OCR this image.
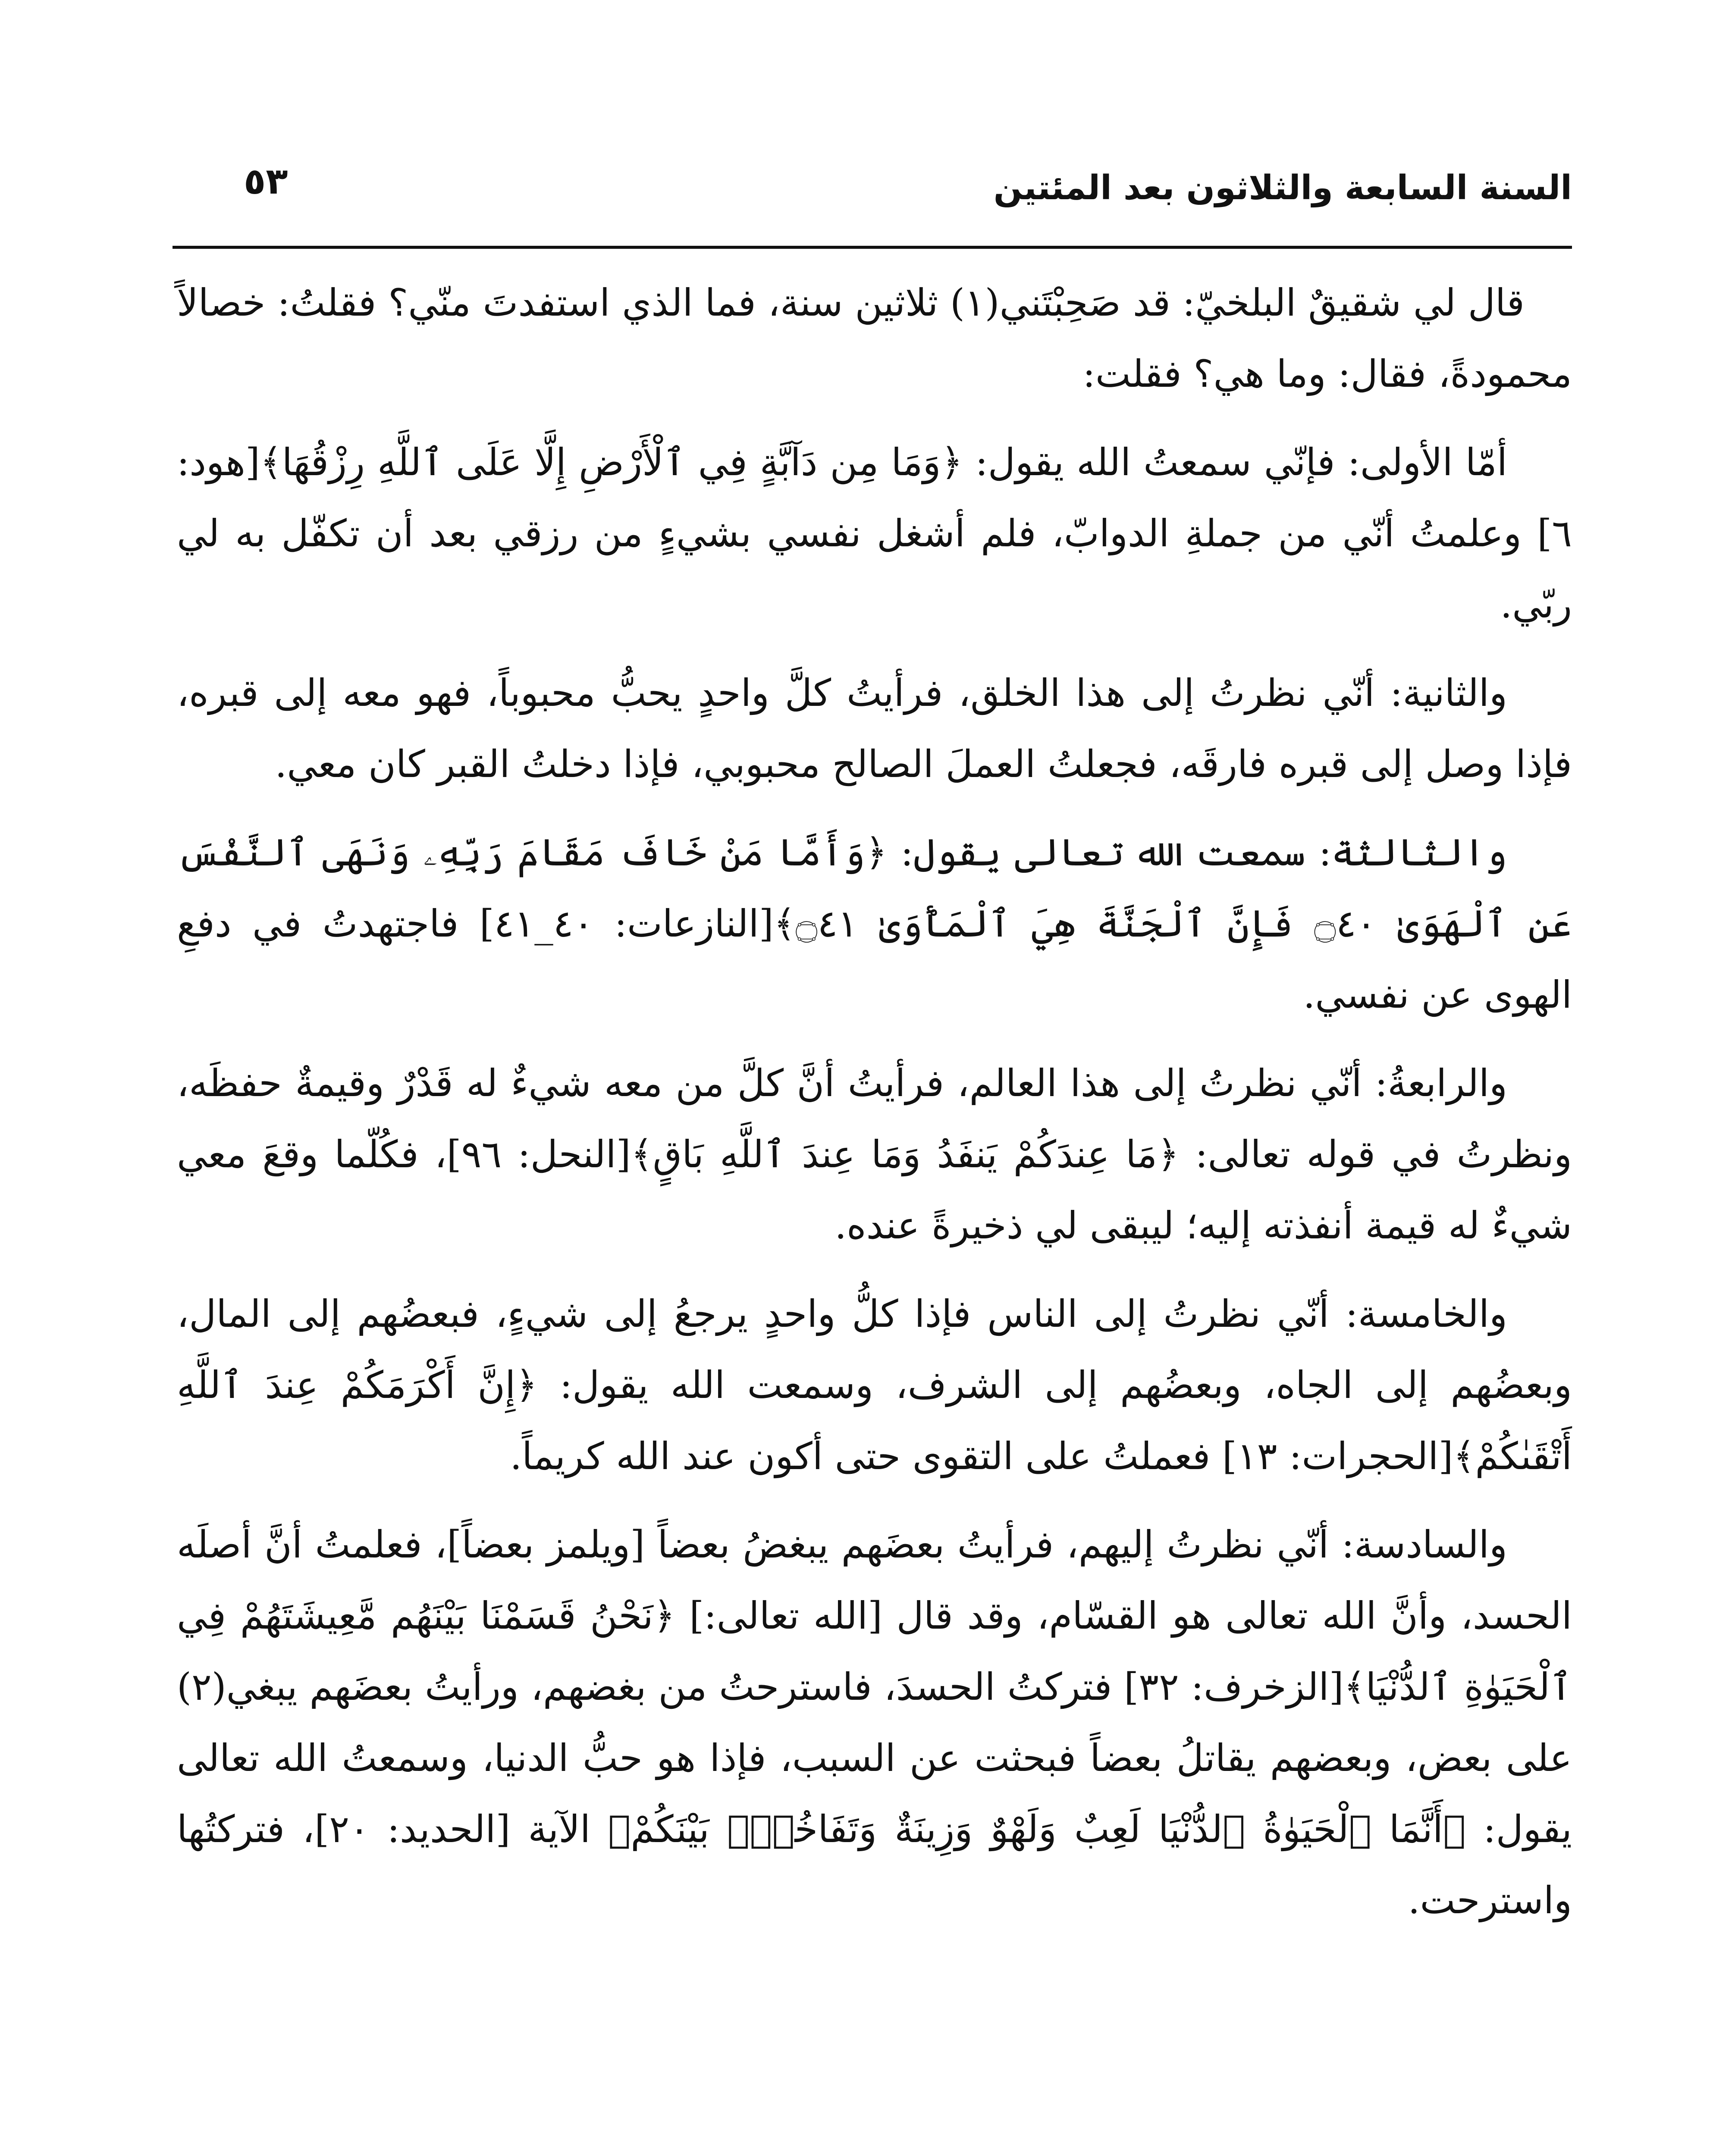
السنة السابعة والثلاثون بعد المئتين
٥٣

قال لي شقيقٌ البلخيّ: قد صَحِبْتَني(١) ثلاثين سنة، فما الذي استفدتَ منّي؟ فقلتُ: خصالاً محمودةً، فقال: وما هي؟ فقلت:

أمّا الأولى: فإنّي سمعتُ الله يقول: ﴿وَمَا مِن دَآبَّةٍ فِي ٱلْأَرْضِ إِلَّا عَلَى ٱللَّهِ رِزْقُهَا﴾[هود: ٦] وعلمتُ أنّي من جملةِ الدوابّ، فلم أشغل نفسي بشيءٍ من رزقي بعد أن تكفّل به لي ربّي.

والثانية: أنّي نظرتُ إلى هذا الخلق، فرأيتُ كلَّ واحدٍ يحبُّ محبوباً، فهو معه إلى قبره، فإذا وصل إلى قبره فارقَه، فجعلتُ العملَ الصالح محبوبي، فإذا دخلتُ القبر كان معي.

والثالثة: سمعت الله تعالى يقول: ﴿وَأَمَّا مَنْ خَافَ مَقَامَ رَبِّهِۦ وَنَهَى ٱلنَّفْسَ عَنِ ٱلْهَوَىٰ ۝٤٠ فَإِنَّ ٱلْجَنَّةَ هِيَ ٱلْمَأْوَىٰ ۝٤١﴾[النازعات: ٤٠_٤١] فاجتهدتُ في دفعِ الهوى عن نفسي.

والرابعةُ: أنّي نظرتُ إلى هذا العالم، فرأيتُ أنَّ كلَّ من معه شيءٌ له قَدْرٌ وقيمةٌ حفظَه، ونظرتُ في قوله تعالى: ﴿مَا عِندَكُمْ يَنفَدُ وَمَا عِندَ ٱللَّهِ بَاقٍ﴾[النحل: ٩٦]، فكُلّما وقعَ معي شيءٌ له قيمة أنفذته إليه؛ ليبقى لي ذخيرةً عنده.

والخامسة: أنّي نظرتُ إلى الناس فإذا كلُّ واحدٍ يرجعُ إلى شيءٍ، فبعضُهم إلى المال، وبعضُهم إلى الجاه، وبعضُهم إلى الشرف، وسمعت الله يقول: ﴿إِنَّ أَكْرَمَكُمْ عِندَ ٱللَّهِ أَتْقَىٰكُمْ﴾[الحجرات: ١٣] فعملتُ على التقوى حتى أكون عند الله كريماً.

والسادسة: أنّي نظرتُ إليهم، فرأيتُ بعضَهم يبغضُ بعضاً [ويلمز بعضاً]، فعلمتُ أنَّ أصلَه الحسد، وأنَّ الله تعالى هو القسّام، وقد قال [الله تعالى:] ﴿نَحْنُ قَسَمْنَا بَيْنَهُم مَّعِيشَتَهُمْ فِي ٱلْحَيَوٰةِ ٱلدُّنْيَا﴾[الزخرف: ٣٢] فتركتُ الحسدَ، فاسترحتُ من بغضهم، ورأيتُ بعضَهم يبغي(٢) على بعض، وبعضهم يقاتلُ بعضاً فبحثت عن السبب، فإذا هو حبُّ الدنيا، وسمعتُ الله تعالى يقول: ﴿أَنَّمَا ٱلْحَيَوٰةُ ٱلدُّنْيَا لَعِبٌ وَلَهْوٌ وَزِينَةٌ وَتَفَاخُرٌۢ بَيْنَكُمْ﴾ الآية [الحديد: ٢٠]، فتركتُها واسترحت.
